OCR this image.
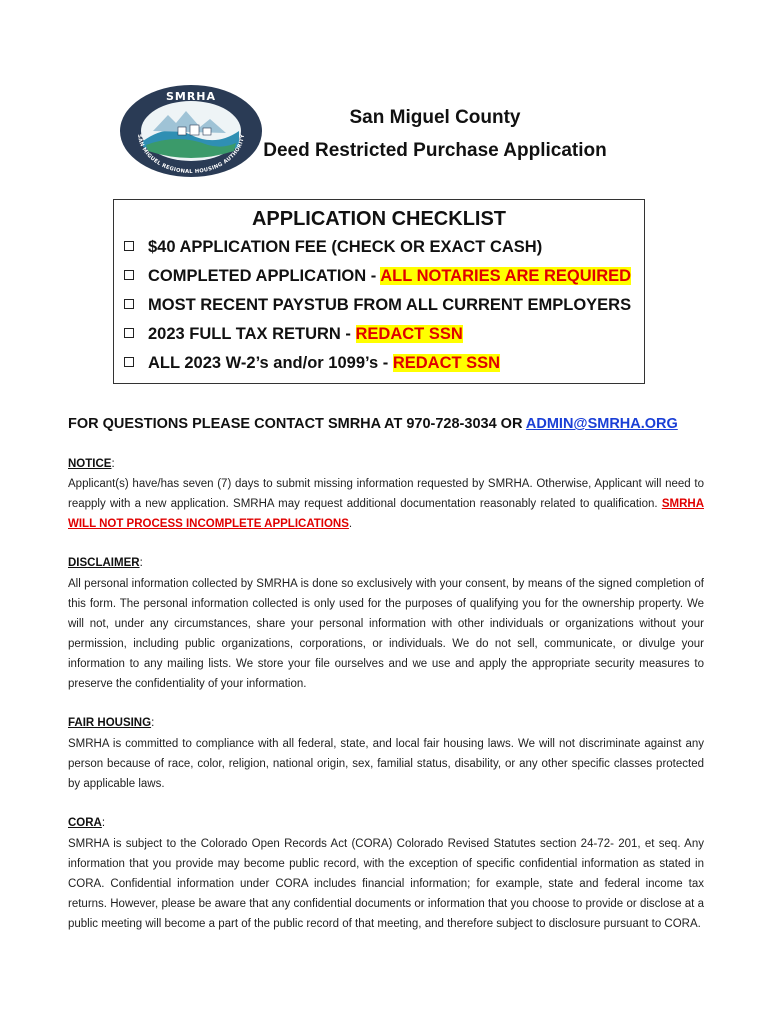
SMRHA
SAN MIGUEL REGIONAL HOUSING AUTHORITY
San Miguel County
Deed Restricted Purchase Application
APPLICATION CHECKLIST
$40 APPLICATION FEE (CHECK OR EXACT CASH)
COMPLETED APPLICATION - ALL NOTARIES ARE REQUIRED
MOST RECENT PAYSTUB FROM ALL CURRENT EMPLOYERS
2023 FULL TAX RETURN - REDACT SSN
ALL 2023 W-2’s and/or 1099’s - REDACT SSN
FOR QUESTIONS PLEASE CONTACT SMRHA AT 970-728-3034 OR ADMIN@SMRHA.ORG
NOTICE:
Applicant(s) have/has seven (7) days to submit missing information requested by SMRHA. Otherwise, Applicant will need to reapply with a new application. SMRHA may request additional documentation reasonably related to qualification. SMRHA WILL NOT PROCESS INCOMPLETE APPLICATIONS.
DISCLAIMER:
All personal information collected by SMRHA is done so exclusively with your consent, by means of the signed completion of this form. The personal information collected is only used for the purposes of qualifying you for the ownership property. We will not, under any circumstances, share your personal information with other individuals or organizations without your permission, including public organizations, corporations, or individuals. We do not sell, communicate, or divulge your information to any mailing lists. We store your file ourselves and we use and apply the appropriate security measures to preserve the confidentiality of your information.
FAIR HOUSING:
SMRHA is committed to compliance with all federal, state, and local fair housing laws. We will not discriminate against any person because of race, color, religion, national origin, sex, familial status, disability, or any other specific classes protected by applicable laws.
CORA:
SMRHA is subject to the Colorado Open Records Act (CORA) Colorado Revised Statutes section 24-72- 201, et seq. Any information that you provide may become public record, with the exception of specific confidential information as stated in CORA. Confidential information under CORA includes financial information; for example, state and federal income tax returns. However, please be aware that any confidential documents or information that you choose to provide or disclose at a public meeting will become a part of the public record of that meeting, and therefore subject to disclosure pursuant to CORA.
